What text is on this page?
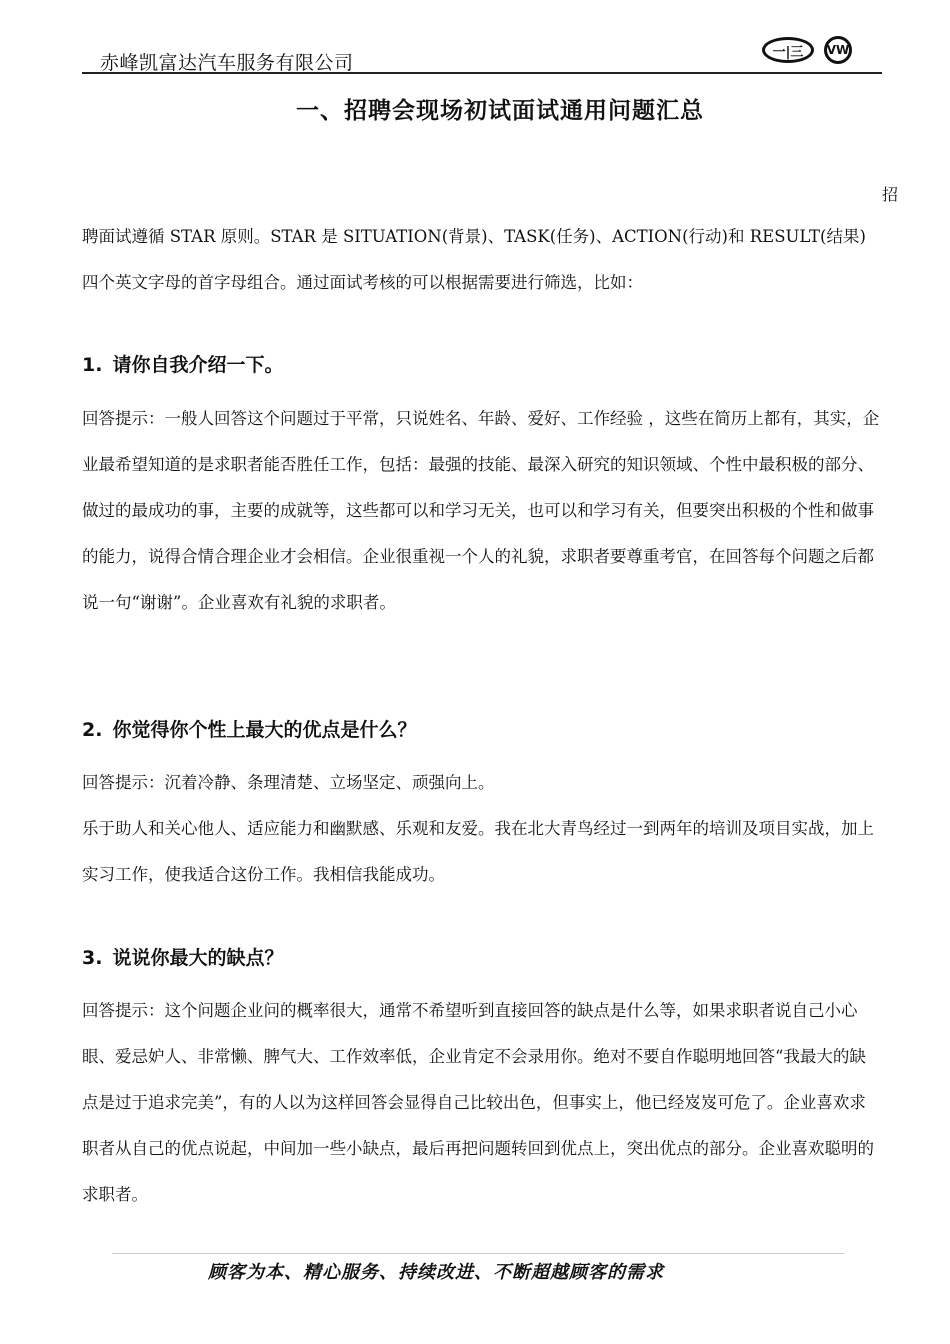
赤峰凯富达汽车服务有限公司	一|三	VW
一、招聘会现场初试面试通用问题汇总
招

聘面试遵循 STAR 原则。STAR 是 SITUATION(背景)、TASK(任务)、ACTION(行动)和 RESULT(结果)四个英文字母的首字母组合。通过面试考核的可以根据需要进行筛选，比如：

1. 请你自我介绍一下。

回答提示：一般人回答这个问题过于平常，只说姓名、年龄、爱好、工作经验 ，这些在简历上都有，其实，企业最希望知道的是求职者能否胜任工作，包括：最强的技能、最深入研究的知识领域、个性中最积极的部分、做过的最成功的事，主要的成就等，这些都可以和学习无关，也可以和学习有关，但要突出积极的个性和做事的能力，说得合情合理企业才会相信。企业很重视一个人的礼貌，求职者要尊重考官，在回答每个问题之后都说一句“谢谢”。企业喜欢有礼貌的求职者。

2. 你觉得你个性上最大的优点是什么？

回答提示：沉着冷静、条理清楚、立场坚定、顽强向上。

乐于助人和关心他人、适应能力和幽默感、乐观和友爱。我在北大青鸟经过一到两年的培训及项目实战，加上实习工作，使我适合这份工作。我相信我能成功。

3. 说说你最大的缺点？

回答提示：这个问题企业问的概率很大，通常不希望听到直接回答的缺点是什么等，如果求职者说自己小心眼、爱忌妒人、非常懒、脾气大、工作效率低，企业肯定不会录用你。绝对不要自作聪明地回答“我最大的缺点是过于追求完美”，有的人以为这样回答会显得自己比较出色，但事实上，他已经岌岌可危了。企业喜欢求职者从自己的优点说起，中间加一些小缺点，最后再把问题转回到优点上，突出优点的部分。企业喜欢聪明的求职者。

顾客为本、精心服务、持续改进、不断超越顾客的需求
